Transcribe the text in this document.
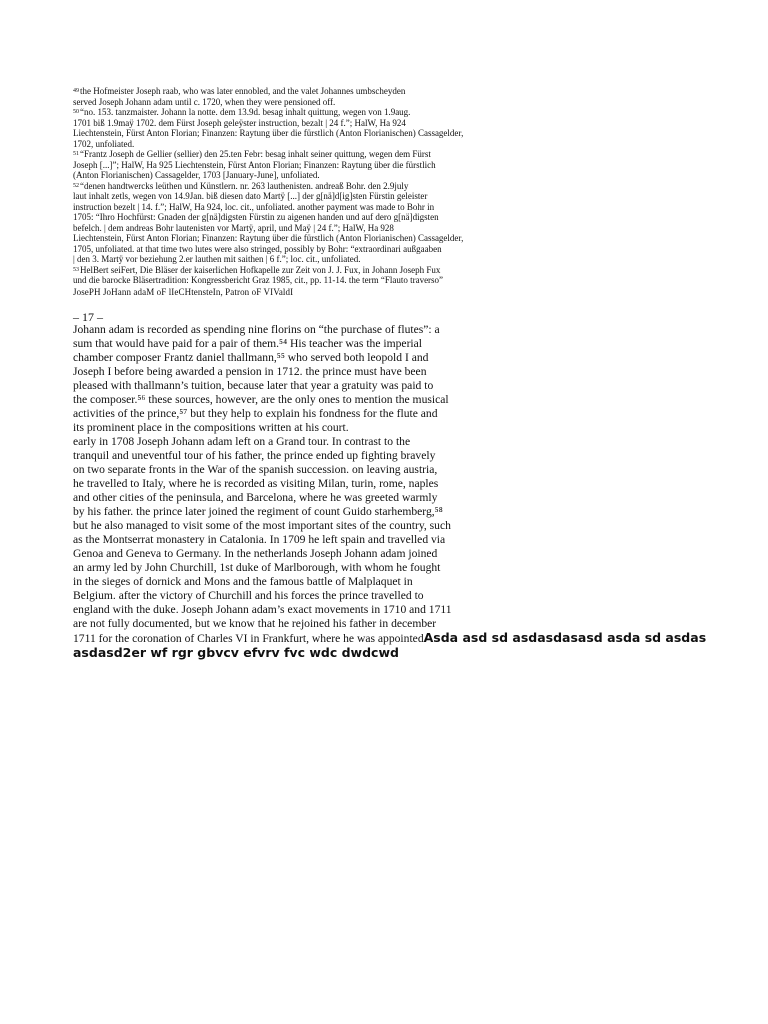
$^{49}$the Hofmeister Joseph raab, who was later ennobled, and the valet Johannes umbscheyden
served Joseph Johann adam until c. 1720, when they were pensioned off.

$^{50}$“no. 153. tanzmaister. Johann la notte. dem 13.⁠9d. besag inhalt quittung, wegen von 1.⁠9aug.
1701 biß 1.⁠9maÿ 1702. dem Fürst Joseph geleÿster instruction, bezalt | 24 f.”; HalW, Ha 924
Liechtenstein, Fürst Anton Florian; Finanzen: Raytung über die fürstlich (Anton Florianischen) Cassagelder,
1702, unfoliated.

$^{51}$“Frantz Joseph de Gellier (sellier) den 25.⁠ten Febr: besag inhalt seiner quittung, wegen dem Fürst
Joseph [...]”; HalW, Ha 925 Liechtenstein, Fürst Anton Florian; Finanzen: Raytung über die fürstlich
(Anton Florianischen) Cassagelder, 1703 [January-June], unfoliated.

$^{52}$“denen handtwercks leüthen und Künstlern. nr. 263 lauthenisten. andreaß Bohr. den 2.⁠9july
laut inhalt zetls, wegen von 14.⁠9Jan. biß diesen dato Martÿ [...] der g[nä]d[ig]sten Fürstin geleister
instruction bezelt | 14. f.”; HalW, Ha 924, loc. cit., unfoliated. another payment was made to Bohr in
1705: “Ihro Hochfürst: Gnaden der g[nä]digsten Fürstin zu aigenen handen und auf dero g[nä]digsten
befelch. | dem andreas Bohr lautenisten vor Martÿ, april, und Maÿ | 24 f.”; HalW, Ha 928
Liechtenstein, Fürst Anton Florian; Finanzen: Raytung über die fürstlich (Anton Florianischen) Cassagelder,
1705, unfoliated. at that time two lutes were also stringed, possibly by Bohr: “extraordinari außgaaben
| den 3. Martÿ vor beziehung 2.⁠er lauthen mit saithen | 6 f.”; loc. cit., unfoliated.

$^{53}$HelBert seiFert, Die Bläser der kaiserlichen Hofkapelle zur Zeit von J. J. Fux, in Johann Joseph Fux
und die barocke Bläsertradition: Kongressbericht Graz 1985, cit., pp. 11-14. the term “Flauto traverso”

JosePH JoHann adaM oF lIeCHtensteIn, Patron oF VIValdI

– 17 –
Johann adam is recorded as spending nine florins on “the purchase of flutes”: a
sum that would have paid for a pair of them.⁵⁴ His teacher was the imperial
chamber composer Frantz daniel thallmann,⁵⁵ who served both leopold I and
Joseph I before being awarded a pension in 1712. the prince must have been
pleased with thallmann’s tuition, because later that year a gratuity was paid to
the composer.⁵⁶ these sources, however, are the only ones to mention the musical
activities of the prince,⁵⁷ but they help to explain his fondness for the flute and
its prominent place in the compositions written at his court.
early in 1708 Joseph Johann adam left on a Grand tour. In contrast to the
tranquil and uneventful tour of his father, the prince ended up fighting bravely
on two separate fronts in the War of the spanish succession. on leaving austria,
he travelled to Italy, where he is recorded as visiting Milan, turin, rome, naples
and other cities of the peninsula, and Barcelona, where he was greeted warmly
by his father. the prince later joined the regiment of count Guido starhemberg,⁵⁸
but he also managed to visit some of the most important sites of the country, such
as the Montserrat monastery in Catalonia. In 1709 he left spain and travelled via
Genoa and Geneva to Germany. In the netherlands Joseph Johann adam joined
an army led by John Churchill, 1⁠st duke of Marlborough, with whom he fought
in the sieges of dornick and Mons and the famous battle of Malplaquet in
Belgium. after the victory of Churchill and his forces the prince travelled to
england with the duke. Joseph Johann adam’s exact movements in 1710 and 1711
are not fully documented, but we know that he rejoined his father in december
1711 for the coronation of Charles VI in Frankfurt, where he was appointedAsda asd sd asdasdasasd asda sd asdas
asdasd2er wf rgr gbvcv efvrv fvc wdc dwdcwd
